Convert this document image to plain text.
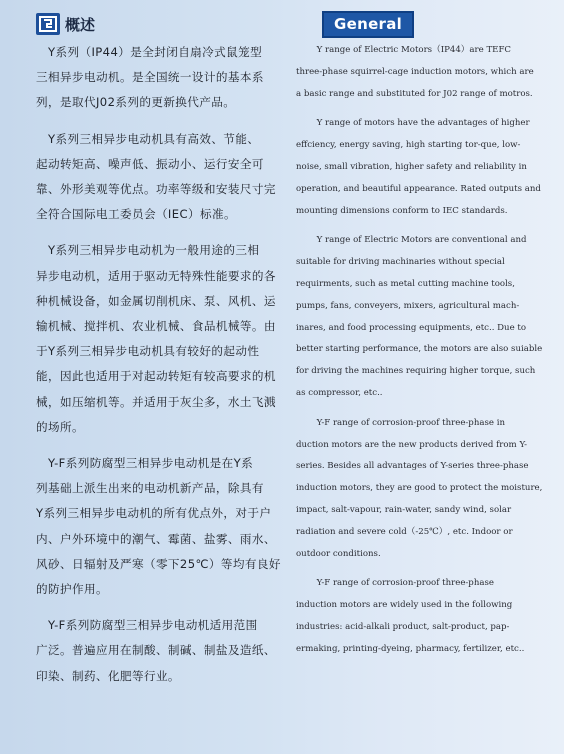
概述
　Y系列（IP44）是全封闭自扇冷式鼠笼型
三相异步电动机。是全国统一设计的基本系
列，是取代J02系列的更新换代产品。
　Y系列三相异步电动机具有高效、节能、
起动转矩高、噪声低、振动小、运行安全可
靠、外形美观等优点。功率等级和安装尺寸完
全符合国际电工委员会（IEC）标准。
　Y系列三相异步电动机为一般用途的三相
异步电动机，适用于驱动无特殊性能要求的各
种机械设备，如金属切削机床、泵、风机、运
输机械、搅拌机、农业机械、食品机械等。由
于Y系列三相异步电动机具有较好的起动性
能，因此也适用于对起动转矩有较高要求的机
械，如压缩机等。并适用于灰尘多，水土飞溅
的场所。
　Y-F系列防腐型三相异步电动机是在Y系
列基础上派生出来的电动机新产品，除具有
Y系列三相异步电动机的所有优点外，对于户
内、户外环境中的潮气、霉菌、盐雾、雨水、
风砂、日辐射及严寒（零下25℃）等均有良好
的防护作用。
　Y-F系列防腐型三相异步电动机适用范围
广泛。普遍应用在制酸、制碱、制盐及造纸、
印染、制药、化肥等行业。
General
Y range of Electric Motors（IP44）are TEFC
three-phase squirrel-cage induction motors, which are
a basic range and substituted for J02 range of motros.
Y range of motors have the advantages of higher
effciency, energy saving, high starting tor-que, low-
noise, small vibration, higher safety and reliability in
operation, and beautiful appearance. Rated outputs and
mounting dimensions conform to IEC standards.
Y range of Electric Motors are conventional and
suitable for driving machinaries without special
requirments, such as metal cutting machine tools,
pumps, fans, conveyers, mixers, agricultural mach-
inares, and food processing equipments, etc.. Due to
better starting performance, the motors are also suiable
for driving the machines requiring higher torque, such
as compressor, etc..
Y-F range of corrosion-proof three-phase in
duction motors are the new products derived from Y-
series. Besides all advantages of Y-series three-phase
induction motors, they are good to protect the moisture,
impact, salt-vapour, rain-water, sandy wind, solar
radiation and severe cold（-25℃）, etc. Indoor or
outdoor conditions.
Y-F range of corrosion-proof three-phase
induction motors are widely used in the following
industries: acid-alkali product, salt-product, pap-
ermaking, printing-dyeing, pharmacy, fertilizer, etc..
